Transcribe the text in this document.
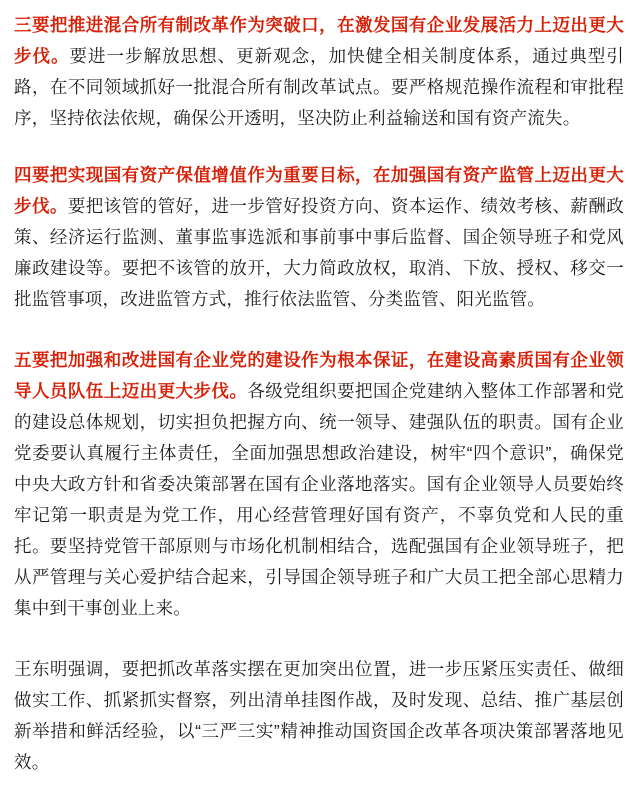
三要把推进混合所有制改革作为突破口，在激发国有企业发展活力上迈出更大步伐。要进一步解放思想、更新观念，加快健全相关制度体系，通过典型引路，在不同领域抓好一批混合所有制改革试点。要严格规范操作流程和审批程序，坚持依法依规，确保公开透明，坚决防止利益输送和国有资产流失。

四要把实现国有资产保值增值作为重要目标，在加强国有资产监管上迈出更大步伐。要把该管的管好，进一步管好投资方向、资本运作、绩效考核、薪酬政策、经济运行监测、董事监事选派和事前事中事后监督、国企领导班子和党风廉政建设等。要把不该管的放开，大力简政放权，取消、下放、授权、移交一批监管事项，改进监管方式，推行依法监管、分类监管、阳光监管。

五要把加强和改进国有企业党的建设作为根本保证，在建设高素质国有企业领导人员队伍上迈出更大步伐。各级党组织要把国企党建纳入整体工作部署和党的建设总体规划，切实担负把握方向、统一领导、建强队伍的职责。国有企业党委要认真履行主体责任，全面加强思想政治建设，树牢“四个意识”，确保党中央大政方针和省委决策部署在国有企业落地落实。国有企业领导人员要始终牢记第一职责是为党工作，用心经营管理好国有资产，不辜负党和人民的重托。要坚持党管干部原则与市场化机制相结合，选配强国有企业领导班子，把从严管理与关心爱护结合起来，引导国企领导班子和广大员工把全部心思精力集中到干事创业上来。

王东明强调，要把抓改革落实摆在更加突出位置，进一步压紧压实责任、做细做实工作、抓紧抓实督察，列出清单挂图作战，及时发现、总结、推广基层创新举措和鲜活经验，以“三严三实”精神推动国资国企改革各项决策部署落地见效。
